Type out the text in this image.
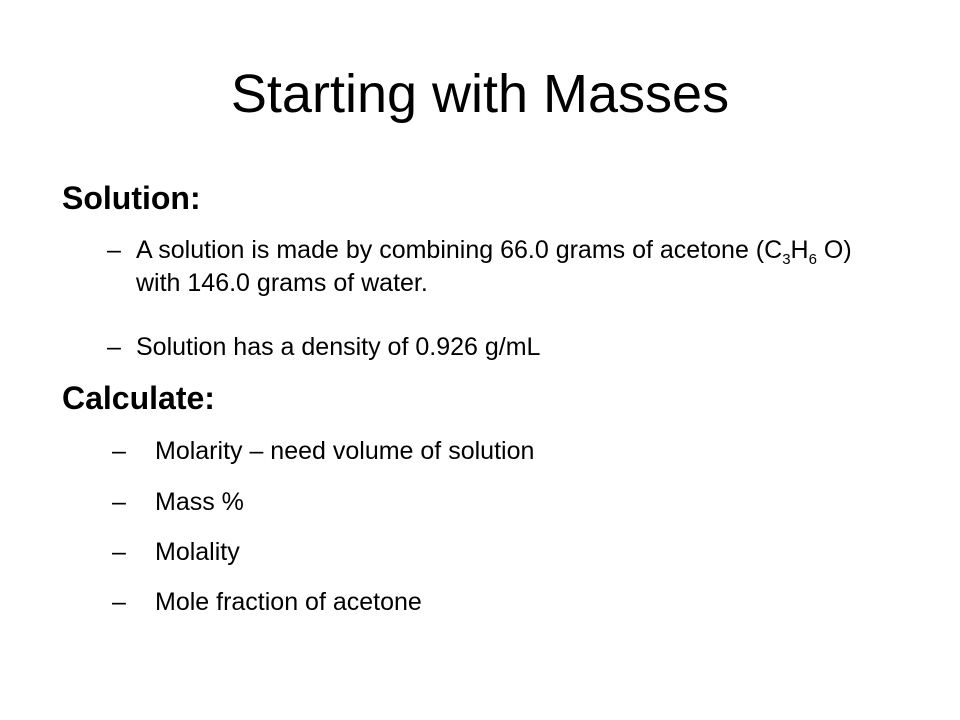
Starting with Masses
Solution:
– A solution is made by combining 66.0 grams of acetone ($C_3H_6$ O) with 146.0 grams of water.
– Solution has a density of 0.926 g/mL
Calculate:
– Molarity – need volume of solution
– Mass %
– Molality
– Mole fraction of acetone
